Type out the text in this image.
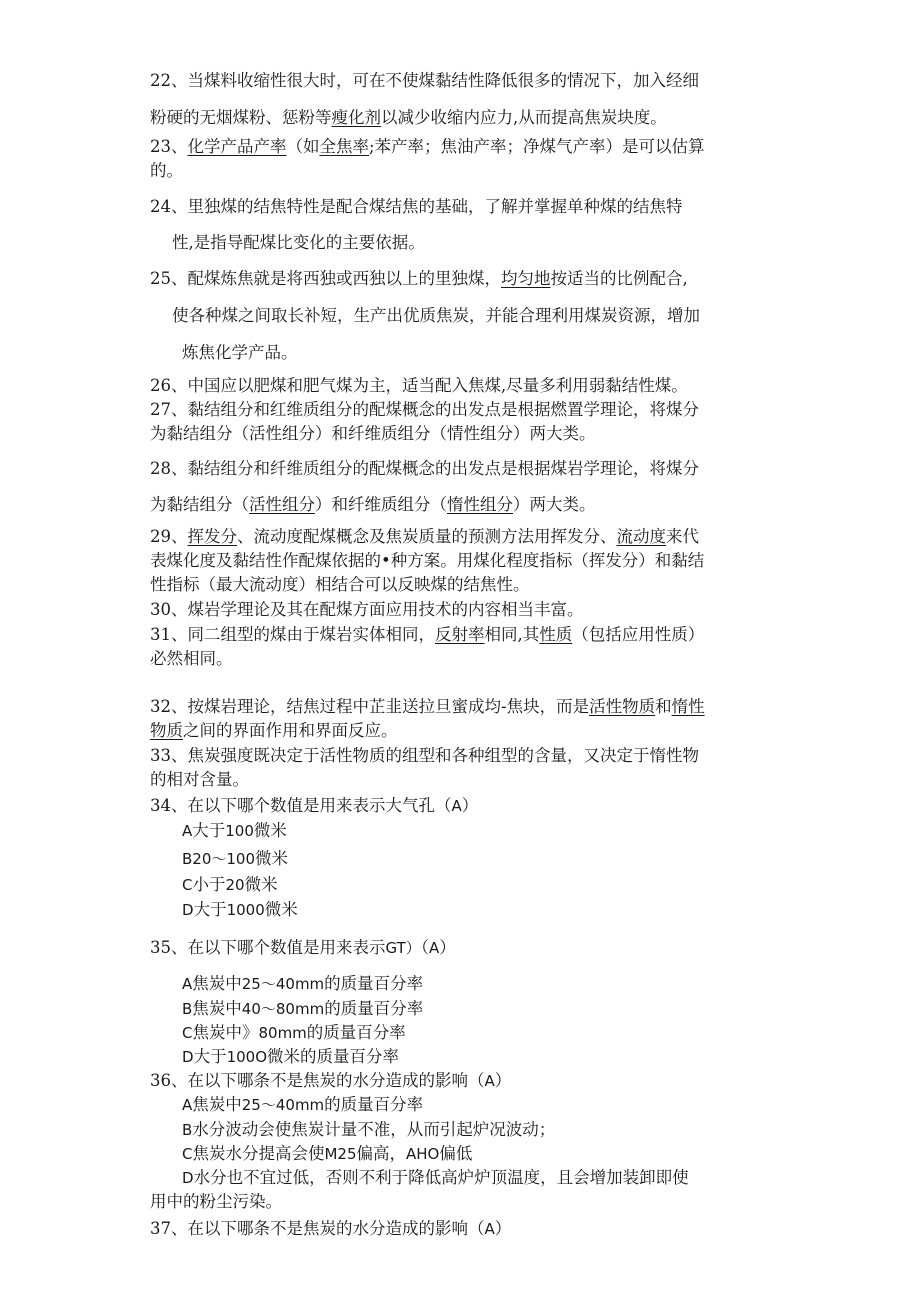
22、当煤料收缩性很大时，可在不使煤黏结性降低很多的情况下，加入经细
粉硬的无烟煤粉、惩粉等瘦化剂以减少收缩内应力,从而提高焦炭块度。
23、化学产品产率（如全焦率;苯产率；焦油产率；净煤气产率）是可以估算
的。
24、里独煤的结焦特性是配合煤结焦的基础，了解并掌握单种煤的结焦特
性,是指导配煤比变化的主要依据。
25、配煤炼焦就是将西独或西独以上的里独煤，均匀地按适当的比例配合,
使各种煤之间取长补短，生产出优质焦炭，并能合理利用煤炭资源，增加
炼焦化学产品。
26、中国应以肥煤和肥气煤为主，适当配入焦煤,尽量多利用弱黏结性煤。
27、黏结组分和红维质组分的配煤概念的出发点是根据燃置学理论，将煤分
为黏结组分（活性组分）和纤维质组分（情性组分）两大类。
28、黏结组分和纤维质组分的配煤概念的出发点是根据煤岩学理论，将煤分
为黏结组分（活性组分）和纤维质组分（惰性组分）两大类。
29、挥发分、流动度配煤概念及焦炭质量的预测方法用挥发分、流动度来代
表煤化度及黏结性作配煤依据的•种方案。用煤化程度指标（挥发分）和黏结
性指标（最大流动度）相结合可以反映煤的结焦性。
30、煤岩学理论及其在配煤方面应用技术的内容相当丰富。
31、同二组型的煤由于煤岩实体相同，反射率相同,其性质（包括应用性质）
必然相同。
32、按煤岩理论，结焦过程中芷韭送拉旦蜜成均-焦块，而是活性物质和惰性
物质之间的界面作用和界面反应。
33、焦炭强度既决定于活性物质的组型和各种组型的含量，又决定于惰性物
的相对含量。
34、在以下哪个数值是用来表示大气孔（A）
A大于100微米
B20～100微米
C小于20微米
D大于1000微米
35、在以下哪个数值是用来表示GT）（A）
A焦炭中25～40mm的质量百分率
B焦炭中40～80mm的质量百分率
C焦炭中》80mm的质量百分率
D大于100O微米的质量百分率
36、在以下哪条不是焦炭的水分造成的影响（A）
A焦炭中25～40mm的质量百分率
B水分波动会使焦炭计量不准，从而引起炉况波动；
C焦炭水分提高会使M25偏高，AHO偏低
D水分也不宜过低，否则不利于降低高炉炉顶温度，且会增加装卸即使
用中的粉尘污染。
37、在以下哪条不是焦炭的水分造成的影响（A）
